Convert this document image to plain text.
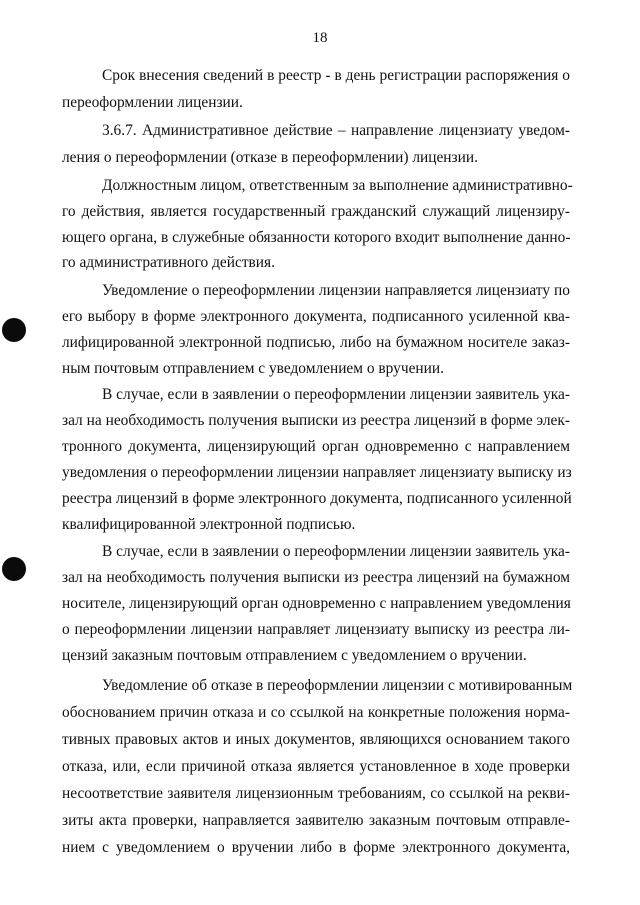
18
Срок внесения сведений в реестр - в день регистрации распоряжения о
переоформлении лицензии.
3.6.7. Административное действие – направление лицензиату уведом-
ления о переоформлении (отказе в переоформлении) лицензии.
Должностным лицом, ответственным за выполнение административно-
го действия, является государственный гражданский служащий лицензиру-
ющего органа, в служебные обязанности которого входит выполнение данно-
го административного действия.
Уведомление о переоформлении лицензии направляется лицензиату по
его выбору в форме электронного документа, подписанного усиленной ква-
лифицированной электронной подписью, либо на бумажном носителе заказ-
ным почтовым отправлением с уведомлением о вручении.
В случае, если в заявлении о переоформлении лицензии заявитель ука-
зал на необходимость получения выписки из реестра лицензий в форме элек-
тронного документа, лицензирующий орган одновременно с направлением
уведомления о переоформлении лицензии направляет лицензиату выписку из
реестра лицензий в форме электронного документа, подписанного усиленной
квалифицированной электронной подписью.
В случае, если в заявлении о переоформлении лицензии заявитель ука-
зал на необходимость получения выписки из реестра лицензий на бумажном
носителе, лицензирующий орган одновременно с направлением уведомления
о переоформлении лицензии направляет лицензиату выписку из реестра ли-
цензий заказным почтовым отправлением с уведомлением о вручении.
Уведомление об отказе в переоформлении лицензии с мотивированным
обоснованием причин отказа и со ссылкой на конкретные положения норма-
тивных правовых актов и иных документов, являющихся основанием такого
отказа, или, если причиной отказа является установленное в ходе проверки
несоответствие заявителя лицензионным требованиям, со ссылкой на рекви-
зиты акта проверки, направляется заявителю заказным почтовым отправле-
нием с уведомлением о вручении либо в форме электронного документа,
